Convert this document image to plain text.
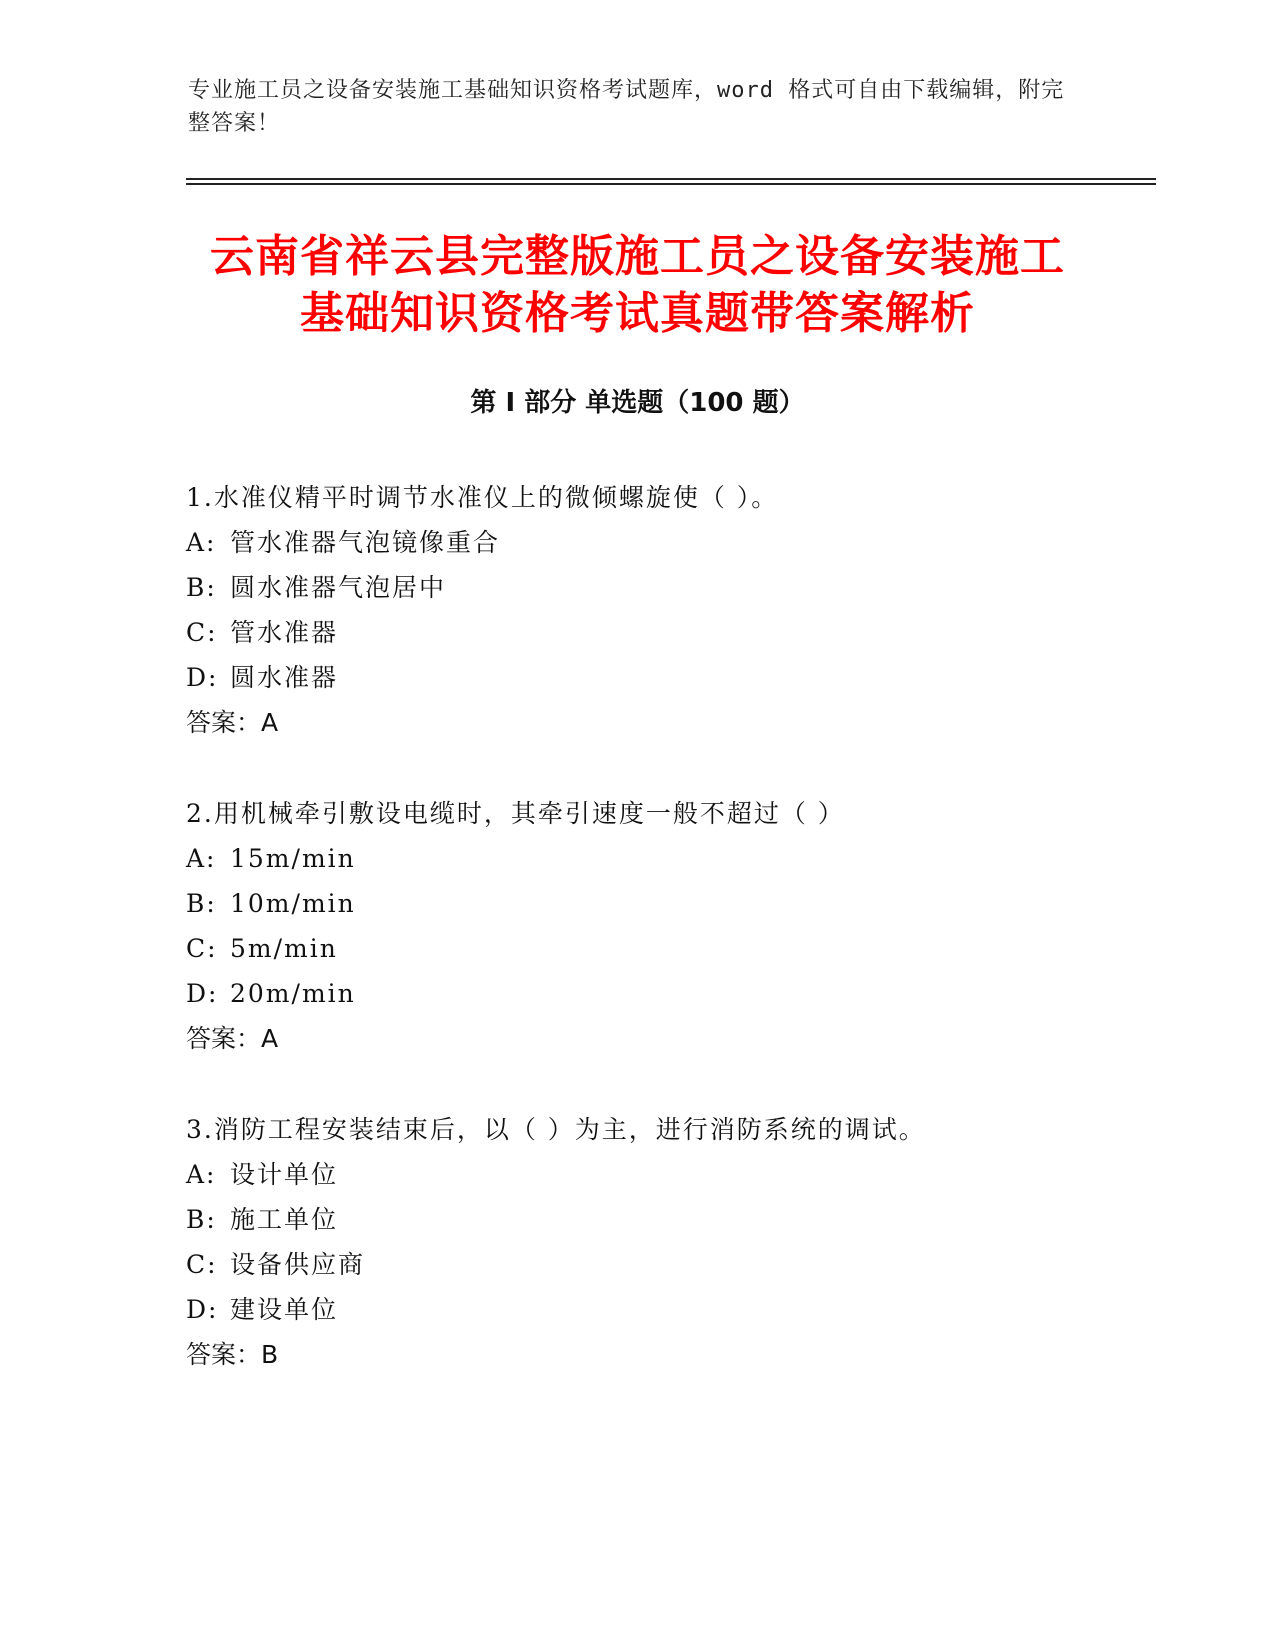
专业施工员之设备安装施工基础知识资格考试题库，word 格式可自由下载编辑，附完整答案！
云南省祥云县完整版施工员之设备安装施工
基础知识资格考试真题带答案解析
第 I 部分 单选题（100 题）
1.水准仪精平时调节水准仪上的微倾螺旋使（ ）。
A: 管水准器气泡镜像重合
B: 圆水准器气泡居中
C: 管水准器
D: 圆水准器
答案：A
2.用机械牵引敷设电缆时，其牵引速度一般不超过（ ）
A: 15m/min
B: 10m/min
C: 5m/min
D: 20m/min
答案：A
3.消防工程安装结束后，以（ ）为主，进行消防系统的调试。
A: 设计单位
B: 施工单位
C: 设备供应商
D: 建设单位
答案：B
